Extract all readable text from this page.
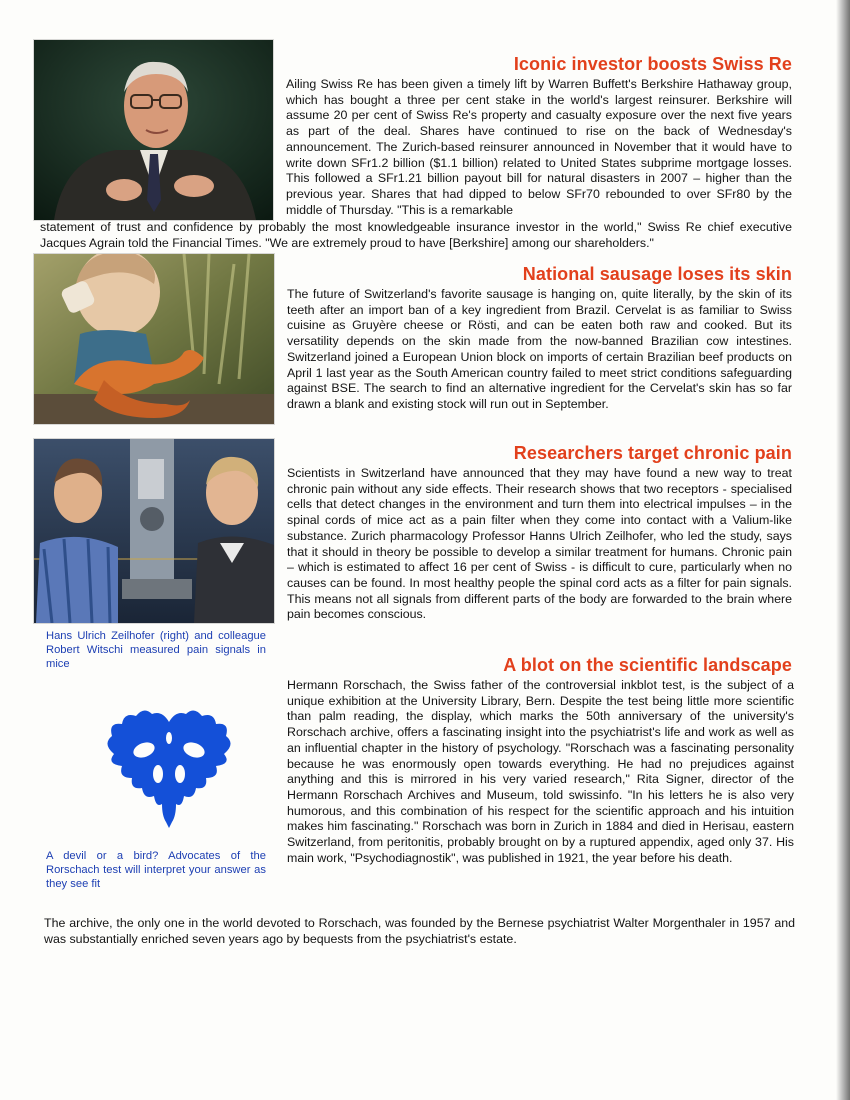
Iconic investor boosts Swiss Re

Ailing Swiss Re has been given a timely lift by Warren Buffett's Berkshire Hathaway group, which has bought a three per cent stake in the world's largest reinsurer. Berkshire will assume 20 per cent of Swiss Re's property and casualty exposure over the next five years as part of the deal. Shares have continued to rise on the back of Wednesday's announcement. The Zurich-based reinsurer announced in November that it would have to write down SFr1.2 billion ($1.1 billion) related to United States subprime mortgage losses. This followed a SFr1.21 billion payout bill for natural disasters in 2007 – higher than the previous year. Shares that had dipped to below SFr70 rebounded to over SFr80 by the middle of Thursday. "This is a remarkable

statement of trust and confidence by probably the most knowledgeable insurance investor in the world," Swiss Re chief executive Jacques Agrain told the Financial Times. "We are extremely proud to have [Berkshire] among our shareholders."

National sausage loses its skin

The future of Switzerland's favorite sausage is hanging on, quite literally, by the skin of its teeth after an import ban of a key ingredient from Brazil. Cervelat is as familiar to Swiss cuisine as Gruyère cheese or Rösti, and can be eaten both raw and cooked. But its versatility depends on the skin made from the now-banned Brazilian cow intestines. Switzerland joined a European Union block on imports of certain Brazilian beef products on April 1 last year as the South American country failed to meet strict conditions safeguarding against BSE. The search to find an alternative ingredient for the Cervelat's skin has so far drawn a blank and existing stock will run out in September.

Hans Ulrich Zeilhofer (right) and colleague Robert Witschi measured pain signals in mice

Researchers target chronic pain

Scientists in Switzerland have announced that they may have found a new way to treat chronic pain without any side effects. Their research shows that two receptors - specialised cells that detect changes in the environment and turn them into electrical impulses – in the spinal cords of mice act as a pain filter when they come into contact with a Valium-like substance. Zurich pharmacology Professor Hanns Ulrich Zeilhofer, who led the study, says that it should in theory be possible to develop a similar treatment for humans. Chronic pain – which is estimated to affect 16 per cent of Swiss - is difficult to cure, particularly when no causes can be found. In most healthy people the spinal cord acts as a filter for pain signals. This means not all signals from different parts of the body are forwarded to the brain where pain becomes conscious.

A devil or a bird? Advocates of the Rorschach test will interpret your answer as they see fit

A blot on the scientific landscape

Hermann Rorschach, the Swiss father of the controversial inkblot test, is the subject of a unique exhibition at the University Library, Bern. Despite the test being little more scientific than palm reading, the display, which marks the 50th anniversary of the university's Rorschach archive, offers a fascinating insight into the psychiatrist's life and work as well as an influential chapter in the history of psychology. "Rorschach was a fascinating personality because he was enormously open towards everything. He had no prejudices against anything and this is mirrored in his very varied research," Rita Signer, director of the Hermann Rorschach Archives and Museum, told swissinfo. "In his letters he is also very humorous, and this combination of his respect for the scientific approach and his intuition makes him fascinating." Rorschach was born in Zurich in 1884 and died in Herisau, eastern Switzerland, from peritonitis, probably brought on by a ruptured appendix, aged only 37. His main work, "Psychodiagnostik", was published in 1921, the year before his death.

The archive, the only one in the world devoted to Rorschach, was founded by the Bernese psychiatrist Walter Morgenthaler in 1957 and was substantially enriched seven years ago by bequests from the psychiatrist's estate.
